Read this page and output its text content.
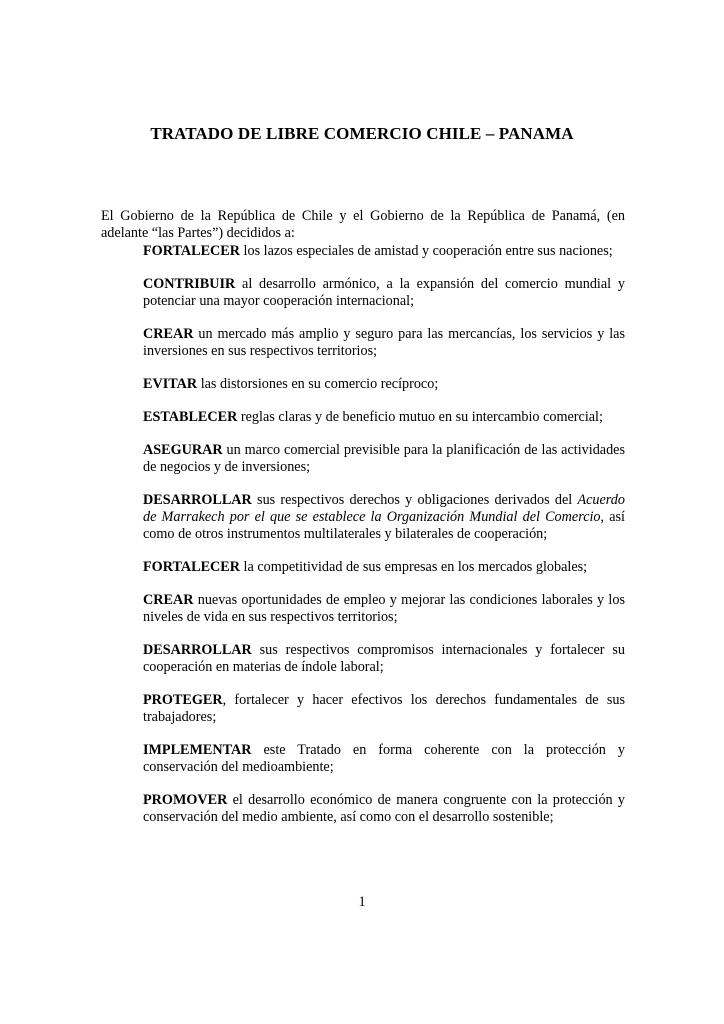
TRATADO DE LIBRE COMERCIO CHILE – PANAMA

El Gobierno de la República de Chile y el Gobierno de la República de Panamá, (en adelante “las Partes”) decididos a:

FORTALECER los lazos especiales de amistad y cooperación entre sus naciones;
CONTRIBUIR al desarrollo armónico, a la expansión del comercio mundial y potenciar una mayor cooperación internacional;
CREAR un mercado más amplio y seguro para las mercancías, los servicios y las inversiones en sus respectivos territorios;
EVITAR las distorsiones en su comercio recíproco;
ESTABLECER reglas claras y de beneficio mutuo en su intercambio comercial;
ASEGURAR un marco comercial previsible para la planificación de las actividades de negocios y de inversiones;
DESARROLLAR sus respectivos derechos y obligaciones derivados del Acuerdo de Marrakech por el que se establece la Organización Mundial del Comercio, así como de otros instrumentos multilaterales y bilaterales de cooperación;
FORTALECER la competitividad de sus empresas en los mercados globales;
CREAR nuevas oportunidades de empleo y mejorar las condiciones laborales y los niveles de vida en sus respectivos territorios;
DESARROLLAR sus respectivos compromisos internacionales y fortalecer su cooperación en materias de índole laboral;
PROTEGER, fortalecer y hacer efectivos los derechos fundamentales de sus trabajadores;
IMPLEMENTAR este Tratado en forma coherente con la protección y conservación del medioambiente;
PROMOVER el desarrollo económico de manera congruente con la protección y conservación del medio ambiente, así como con el desarrollo sostenible;
1
